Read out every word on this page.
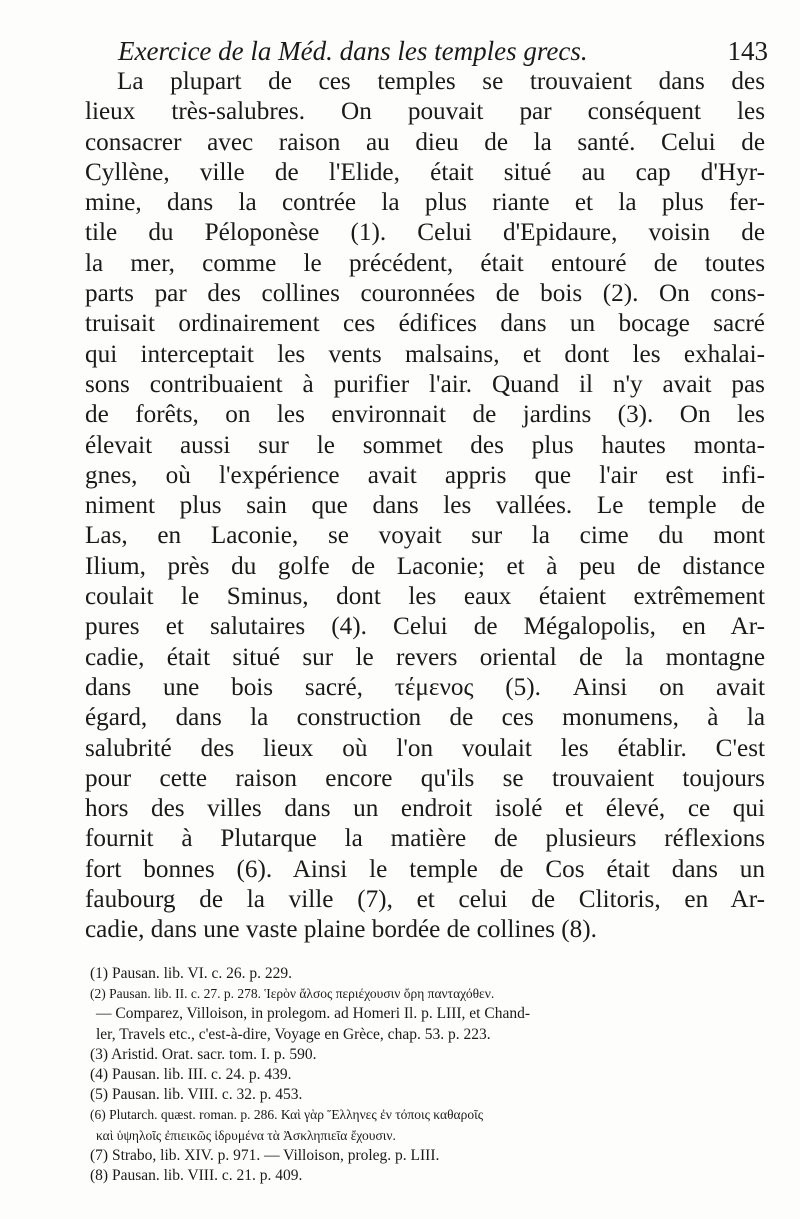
Exercice de la Méd. dans les temples grecs.	143
La plupart de ces temples se trouvaient dans des
lieux très-salubres. On pouvait par conséquent les
consacrer avec raison au dieu de la santé. Celui de
Cyllène, ville de l'Elide, était situé au cap d'Hyr-
mine, dans la contrée la plus riante et la plus fer-
tile du Péloponèse (1). Celui d'Epidaure, voisin de
la mer, comme le précédent, était entouré de toutes
parts par des collines couronnées de bois (2). On cons-
truisait ordinairement ces édifices dans un bocage sacré
qui interceptait les vents malsains, et dont les exhalai-
sons contribuaient à purifier l'air. Quand il n'y avait pas
de forêts, on les environnait de jardins (3). On les
élevait aussi sur le sommet des plus hautes monta-
gnes, où l'expérience avait appris que l'air est infi-
niment plus sain que dans les vallées. Le temple de
Las, en Laconie, se voyait sur la cime du mont
Ilium, près du golfe de Laconie; et à peu de distance
coulait le Sminus, dont les eaux étaient extrêmement
pures et salutaires (4). Celui de Mégalopolis, en Ar-
cadie, était situé sur le revers oriental de la montagne
dans une bois sacré, τέμενος (5). Ainsi on avait
égard, dans la construction de ces monumens, à la
salubrité des lieux où l'on voulait les établir. C'est
pour cette raison encore qu'ils se trouvaient toujours
hors des villes dans un endroit isolé et élevé, ce qui
fournit à Plutarque la matière de plusieurs réflexions
fort bonnes (6). Ainsi le temple de Cos était dans un
faubourg de la ville (7), et celui de Clitoris, en Ar-
cadie, dans une vaste plaine bordée de collines (8).
(1) Pausan. lib. VI. c. 26. p. 229.
(2) Pausan. lib. II. c. 27. p. 278. Ἱερὸν ἄλσος περιέχουσιν ὄρη πανταχόθεν.
— Comparez, Villoison, in prolegom. ad Homeri Il. p. LIII, et Chand-
ler, Travels etc., c'est-à-dire, Voyage en Grèce, chap. 53. p. 223.
(3) Aristid. Orat. sacr. tom. I. p. 590.
(4) Pausan. lib. III. c. 24. p. 439.
(5) Pausan. lib. VIII. c. 32. p. 453.
(6) Plutarch. quæst. roman. p. 286. Καὶ γὰρ Ἕλληνες ἐν τόποις καθαροῖς
καὶ ὑψηλοῖς ἐπιεικῶς ἱδρυμένα τὰ Ἀσκληπιεῖα ἔχουσιν.
(7) Strabo, lib. XIV. p. 971. — Villoison, proleg. p. LIII.
(8) Pausan. lib. VIII. c. 21. p. 409.
